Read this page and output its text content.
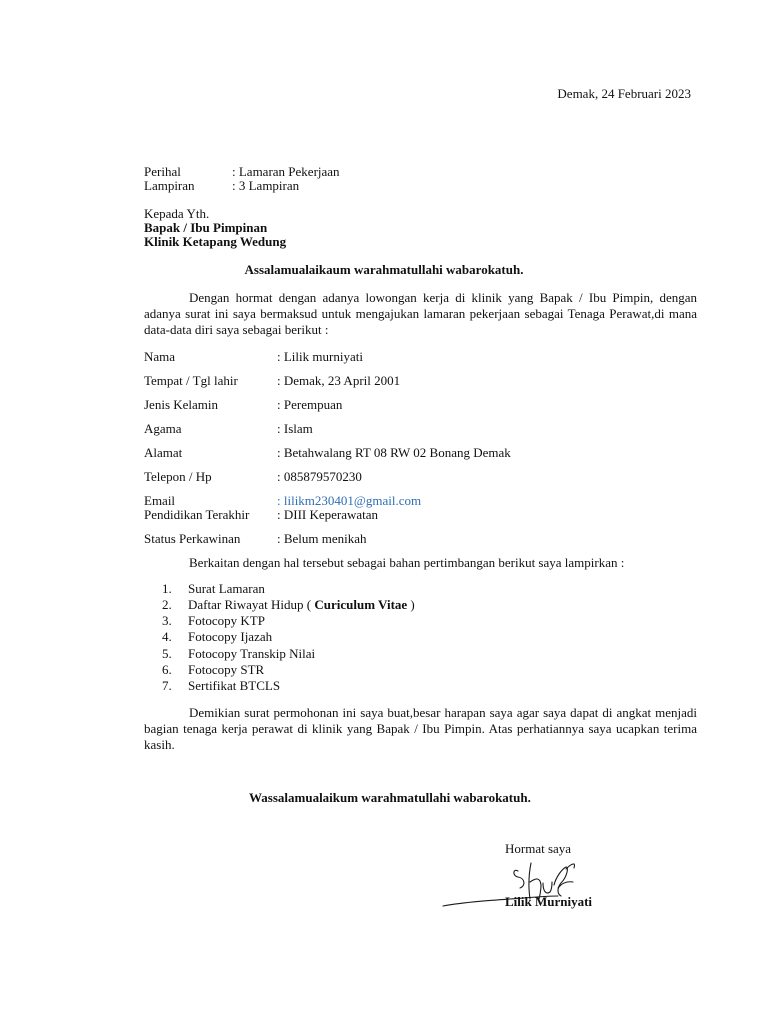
Demak, 24 Februari 2023
Perihal	: Lamaran Pekerjaan
Lampiran	: 3 Lampiran
Kepada Yth.
Bapak / Ibu Pimpinan
Klinik Ketapang Wedung
Assalamualaikaum warahmatullahi wabarokatuh.
Dengan hormat dengan adanya lowongan kerja di klinik yang Bapak / Ibu Pimpin, dengan adanya surat ini saya bermaksud untuk mengajukan lamaran pekerjaan sebagai Tenaga Perawat,di mana data-data diri saya sebagai berikut :
Nama	: Lilik murniyati
Tempat / Tgl lahir	: Demak, 23 April 2001
Jenis Kelamin	: Perempuan
Agama	: Islam
Alamat	: Betahwalang RT 08 RW 02 Bonang Demak
Telepon / Hp	: 085879570230
Email	: lilikm230401@gmail.com
Pendidikan Terakhir : DIII Keperawatan
Status Perkawinan	: Belum menikah
Berkaitan dengan hal tersebut sebagai bahan pertimbangan berikut saya lampirkan :
1. Surat Lamaran
2. Daftar Riwayat Hidup ( Curiculum Vitae )
3. Fotocopy KTP
4. Fotocopy Ijazah
5. Fotocopy Transkip Nilai
6. Fotocopy STR
7. Sertifikat BTCLS
Demikian surat permohonan ini saya buat,besar harapan saya agar saya dapat di angkat menjadi bagian tenaga kerja perawat di klinik yang Bapak / Ibu Pimpin. Atas perhatiannya saya ucapkan terima kasih.
Wassalamualaikum warahmatullahi wabarokatuh.
Hormat saya
Lilik Murniyati
